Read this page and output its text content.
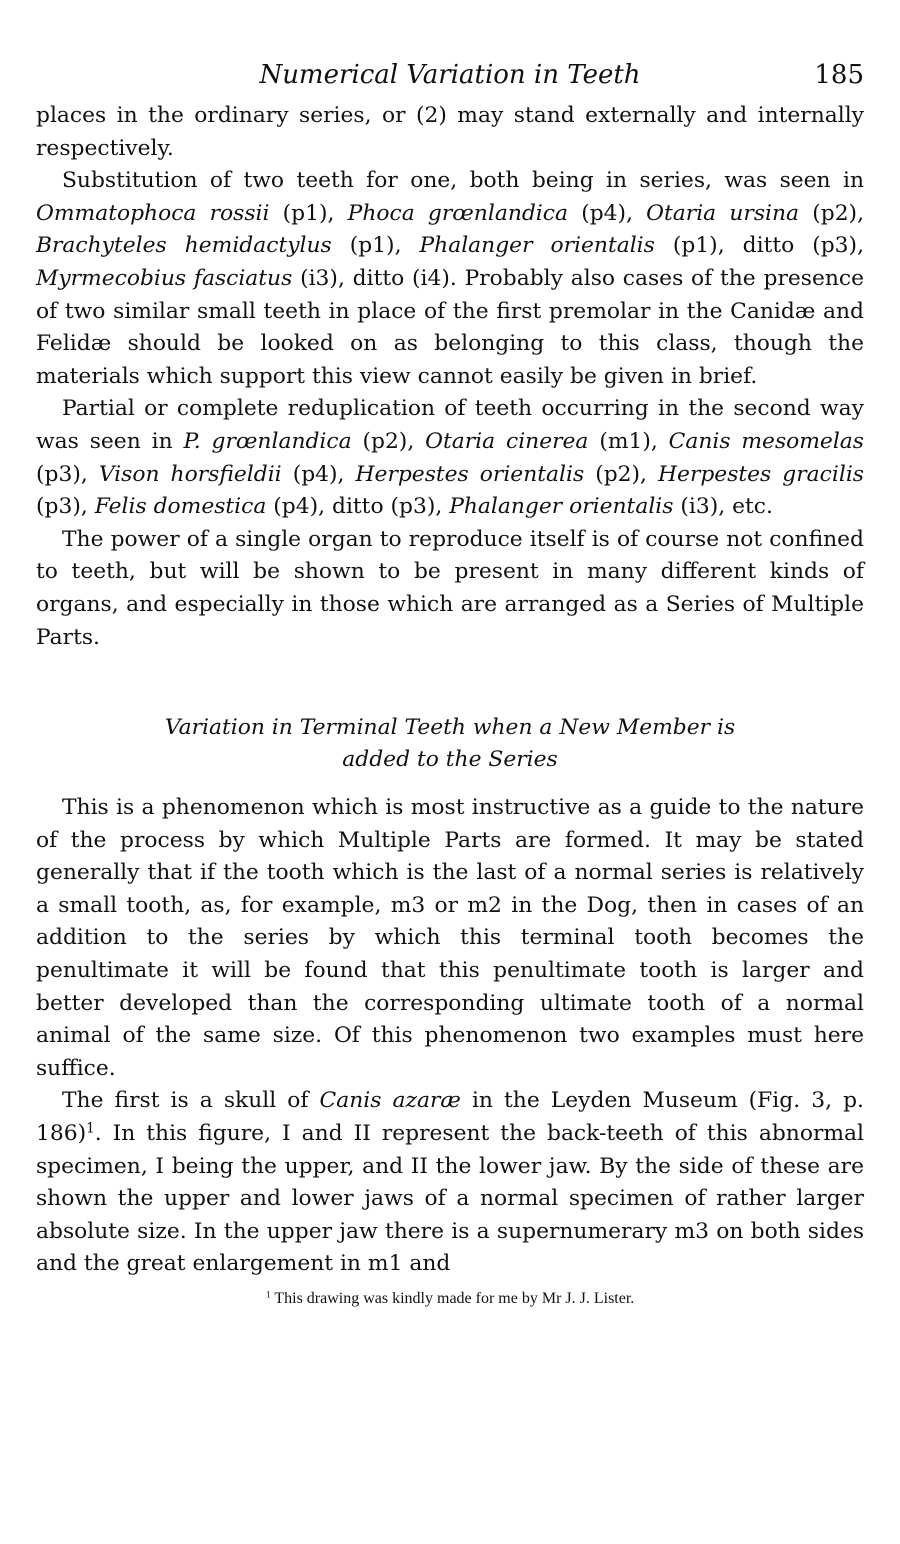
Numerical Variation in Teeth	185

places in the ordinary series, or (2) may stand externally and internally respectively.

Substitution of two teeth for one, both being in series, was seen in Ommatophoca rossii (p1), Phoca grœnlandica (p4), Otaria ursina (p2), Brachyteles hemidactylus (p1), Phalanger orientalis (p1), ditto (p3), Myrmecobius fasciatus (i3), ditto (i4). Probably also cases of the presence of two similar small teeth in place of the first premolar in the Canidæ and Felidæ should be looked on as belonging to this class, though the materials which support this view cannot easily be given in brief.

Partial or complete reduplication of teeth occurring in the second way was seen in P. grœnlandica (p2), Otaria cinerea (m1), Canis mesomelas (p3), Vison horsfieldii (p4), Herpestes orientalis (p2), Herpestes gracilis (p3), Felis domestica (p4), ditto (p3), Phalanger orientalis (i3), etc.

The power of a single organ to reproduce itself is of course not confined to teeth, but will be shown to be present in many different kinds of organs, and especially in those which are arranged as a Series of Multiple Parts.

Variation in Terminal Teeth when a New Member is
added to the Series

This is a phenomenon which is most instructive as a guide to the nature of the process by which Multiple Parts are formed. It may be stated generally that if the tooth which is the last of a normal series is relatively a small tooth, as, for example, m3 or m2 in the Dog, then in cases of an addition to the series by which this terminal tooth becomes the penultimate it will be found that this penultimate tooth is larger and better developed than the corresponding ultimate tooth of a normal animal of the same size. Of this phenomenon two examples must here suffice.

The first is a skull of Canis azaræ in the Leyden Museum (Fig. 3, p. 186)$^1$. In this figure, I and II represent the back-teeth of this abnormal specimen, I being the upper, and II the lower jaw. By the side of these are shown the upper and lower jaws of a normal specimen of rather larger absolute size. In the upper jaw there is a supernumerary m3 on both sides and the great enlargement in m1 and

$^1$ This drawing was kindly made for me by Mr J. J. Lister.
